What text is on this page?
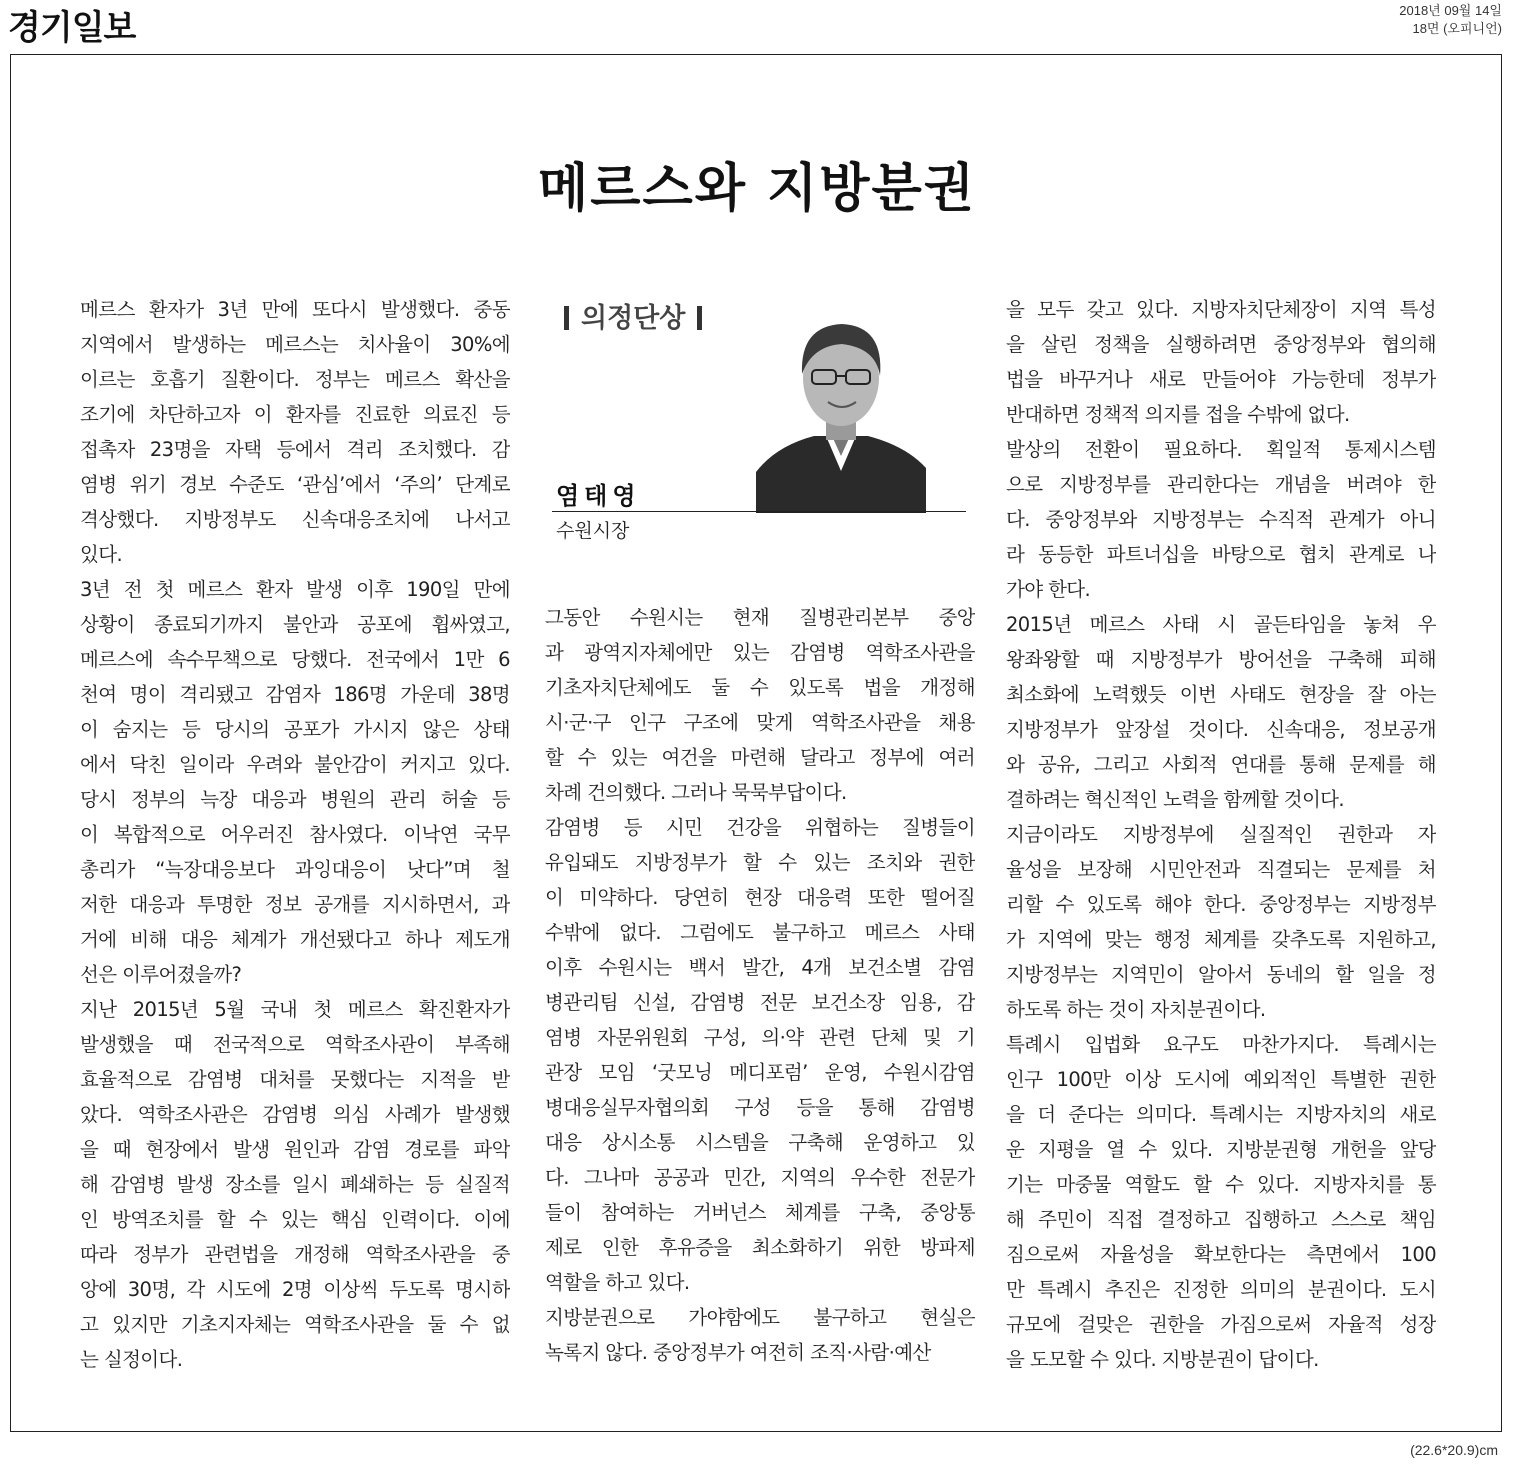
경기일보	2018년 09월 14일
18면 (오피니언)
메르스와 지방분권
메르스 환자가 3년 만에 또다시 발생했다. 중동
지역에서 발생하는 메르스는 치사율이 30%에
이르는 호흡기 질환이다. 정부는 메르스 확산을
조기에 차단하고자 이 환자를 진료한 의료진 등
접촉자 23명을 자택 등에서 격리 조치했다. 감
염병 위기 경보 수준도 ‘관심’에서 ‘주의’ 단계로
격상했다. 지방정부도 신속대응조치에 나서고
있다.
3년 전 첫 메르스 환자 발생 이후 190일 만에
상황이 종료되기까지 불안과 공포에 휩싸였고,
메르스에 속수무책으로 당했다. 전국에서 1만 6
천여 명이 격리됐고 감염자 186명 가운데 38명
이 숨지는 등 당시의 공포가 가시지 않은 상태
에서 닥친 일이라 우려와 불안감이 커지고 있다.
당시 정부의 늑장 대응과 병원의 관리 허술 등
이 복합적으로 어우러진 참사였다. 이낙연 국무
총리가 “늑장대응보다 과잉대응이 낫다”며 철
저한 대응과 투명한 정보 공개를 지시하면서, 과
거에 비해 대응 체계가 개선됐다고 하나 제도개
선은 이루어졌을까?
지난 2015년 5월 국내 첫 메르스 확진환자가
발생했을 때 전국적으로 역학조사관이 부족해
효율적으로 감염병 대처를 못했다는 지적을 받
았다. 역학조사관은 감염병 의심 사례가 발생했
을 때 현장에서 발생 원인과 감염 경로를 파악
해 감염병 발생 장소를 일시 폐쇄하는 등 실질적
인 방역조치를 할 수 있는 핵심 인력이다. 이에
따라 정부가 관련법을 개정해 역학조사관을 중
앙에 30명, 각 시도에 2명 이상씩 두도록 명시하
고 있지만 기초지자체는 역학조사관을 둘 수 없
는 실정이다.
의정단상
염태영
수원시장
그동안 수원시는 현재 질병관리본부 중앙
과 광역지자체에만 있는 감염병 역학조사관을
기초자치단체에도 둘 수 있도록 법을 개정해
시·군·구 인구 구조에 맞게 역학조사관을 채용
할 수 있는 여건을 마련해 달라고 정부에 여러
차례 건의했다. 그러나 묵묵부답이다.
감염병 등 시민 건강을 위협하는 질병들이
유입돼도 지방정부가 할 수 있는 조치와 권한
이 미약하다. 당연히 현장 대응력 또한 떨어질
수밖에 없다. 그럼에도 불구하고 메르스 사태
이후 수원시는 백서 발간, 4개 보건소별 감염
병관리팀 신설, 감염병 전문 보건소장 임용, 감
염병 자문위원회 구성, 의·약 관련 단체 및 기
관장 모임 ‘굿모닝 메디포럼’ 운영, 수원시감염
병대응실무자협의회 구성 등을 통해 감염병
대응 상시소통 시스템을 구축해 운영하고 있
다. 그나마 공공과 민간, 지역의 우수한 전문가
들이 참여하는 거버넌스 체계를 구축, 중앙통
제로 인한 후유증을 최소화하기 위한 방파제
역할을 하고 있다.
지방분권으로 가야함에도 불구하고 현실은
녹록지 않다. 중앙정부가 여전히 조직·사람·예산
을 모두 갖고 있다. 지방자치단체장이 지역 특성
을 살린 정책을 실행하려면 중앙정부와 협의해
법을 바꾸거나 새로 만들어야 가능한데 정부가
반대하면 정책적 의지를 접을 수밖에 없다.
발상의 전환이 필요하다. 획일적 통제시스템
으로 지방정부를 관리한다는 개념을 버려야 한
다. 중앙정부와 지방정부는 수직적 관계가 아니
라 동등한 파트너십을 바탕으로 협치 관계로 나
가야 한다.
2015년 메르스 사태 시 골든타임을 놓쳐 우
왕좌왕할 때 지방정부가 방어선을 구축해 피해
최소화에 노력했듯 이번 사태도 현장을 잘 아는
지방정부가 앞장설 것이다. 신속대응, 정보공개
와 공유, 그리고 사회적 연대를 통해 문제를 해
결하려는 혁신적인 노력을 함께할 것이다.
지금이라도 지방정부에 실질적인 권한과 자
율성을 보장해 시민안전과 직결되는 문제를 처
리할 수 있도록 해야 한다. 중앙정부는 지방정부
가 지역에 맞는 행정 체계를 갖추도록 지원하고,
지방정부는 지역민이 알아서 동네의 할 일을 정
하도록 하는 것이 자치분권이다.
특례시 입법화 요구도 마찬가지다. 특례시는
인구 100만 이상 도시에 예외적인 특별한 권한
을 더 준다는 의미다. 특례시는 지방자치의 새로
운 지평을 열 수 있다. 지방분권형 개헌을 앞당
기는 마중물 역할도 할 수 있다. 지방자치를 통
해 주민이 직접 결정하고 집행하고 스스로 책임
짐으로써 자율성을 확보한다는 측면에서 100
만 특례시 추진은 진정한 의미의 분권이다. 도시
규모에 걸맞은 권한을 가짐으로써 자율적 성장
을 도모할 수 있다. 지방분권이 답이다.
(22.6*20.9)cm
